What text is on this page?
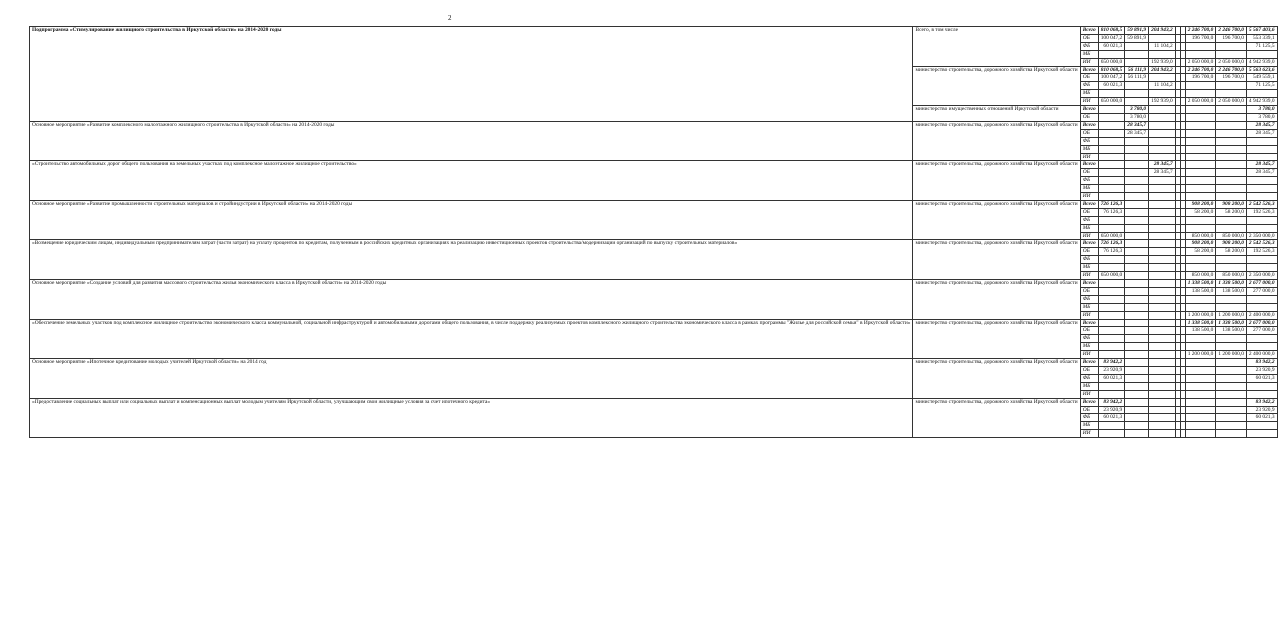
2
Подпрограмма «Стимулирование жилищного строительства в Иркутской области» на 2014-2020 годы	Всего, в том числе	Всего	810 068,5	59 891,9	204 943,2			2 246 700,0	2 246 700,0	5 567 403,6
		ОБ	100 047,2	59 891,9				196 700,0	196 700,0	553 339,1
		ФБ	60 021,3		11 104,2					71 125,5
		МБ								
		ИИ	650 000,0		192 939,0			2 050 000,0	2 050 000,0	4 942 939,0
	министерство строительства, дорожного хозяйства Иркутской области	Всего	810 068,5	56 111,9	204 943,2			2 246 700,0	2 246 700,0	5 563 623,6
		ОБ	100 047,2	56 111,9				196 700,0	196 700,0	549 559,1
		ФБ	60 021,3		11 104,2					71 125,5
		МБ								
		ИИ	650 000,0		192 939,0			2 050 000,0	2 050 000,0	4 942 939,0
	министерство имущественных отношений Иркутской области	Всего		3 780,0						3 780,0
		ОБ		3 780,0						3 780,0
Основное мероприятие «Развитие комплексного малоэтажного жилищного строительства в Иркутской области» на 2014-2020 годы	министерство строительства, дорожного хозяйства Иркутской области	Всего		28 345,7						28 345,7
		ОБ		28 345,7						28 345,7
		ФБ								
		МБ								
		ИИ								
«Строительство автомобильных дорог общего пользования на земельных участках под комплексное малоэтажное жилищное строительство»	министерство строительства, дорожного хозяйства Иркутской области	Всего			28 345,7					28 345,7
		ОБ			28 345,7					28 345,7
		ФБ								
		МБ								
		ИИ								
Основное мероприятие «Развитие промышленности строительных материалов и стройиндустрии в Иркутской области» на 2014-2020 годы	министерство строительства, дорожного хозяйства Иркутской области	Всего	726 126,3					908 200,0	908 200,0	2 542 526,3
		ОБ	76 126,3					58 200,0	58 200,0	192 526,3
		ФБ								
		МБ								
		ИИ	650 000,0					850 000,0	850 000,0	2 350 000,0
«Возмещение юридическим лицам, индивидуальным предпринимателям затрат (части затрат) на уплату процентов по кредитам, полученным в российских кредитных организациях на реализацию инвестиционных проектов строительства/модернизации организаций по выпуску строительных материалов»	министерство строительства, дорожного хозяйства Иркутской области	Всего	726 126,3					908 200,0	908 200,0	2 542 526,3
		ОБ	76 126,3					58 200,0	58 200,0	192 526,3
		ФБ								
		МБ								
		ИИ	650 000,0					850 000,0	850 000,0	2 350 000,0
Основное мероприятие «Создание условий для развития массового строительства жилья экономического класса в Иркутской области» на 2014-2020 годы	министерство строительства, дорожного хозяйства Иркутской области	Всего						1 338 500,0	1 338 500,0	2 677 000,0
		ОБ						138 500,0	138 500,0	277 000,0
		ФБ								
		МБ								
		ИИ						1 200 000,0	1 200 000,0	2 400 000,0
«Обеспечение земельных участков под комплексное жилищное строительство экономического класса коммунальной, социальной инфраструктурой и автомобильными дорогами общего пользования, в числе поддержку реализуемых проектов комплексного жилищного строительства экономического класса в рамках программы "Жилье для российской семьи" в Иркутской области»	министерство строительства, дорожного хозяйства Иркутской области	Всего						1 338 500,0	1 338 500,0	2 677 000,0
		ОБ						138 500,0	138 500,0	277 000,0
		ФБ								
		МБ								
		ИИ						1 200 000,0	1 200 000,0	2 400 000,0
Основное мероприятие «Ипотечное кредитование молодых учителей Иркутской области» на 2014 год	министерство строительства, дорожного хозяйства Иркутской области	Всего	83 942,2							83 942,2
		ОБ	23 920,9							23 920,9
		ФБ	60 021,3							60 021,3
		МБ								
		ИИ								
«Предоставление социальных выплат или социальных выплат и компенсационных выплат молодым учителям Иркутской области, улучшающим свои жилищные условия за счет ипотечного кредита»	министерство строительства, дорожного хозяйства Иркутской области	Всего	83 942,2							83 942,2
		ОБ	23 920,9							23 920,9
		ФБ	60 021,3							60 021,3
		МБ								
		ИИ								
